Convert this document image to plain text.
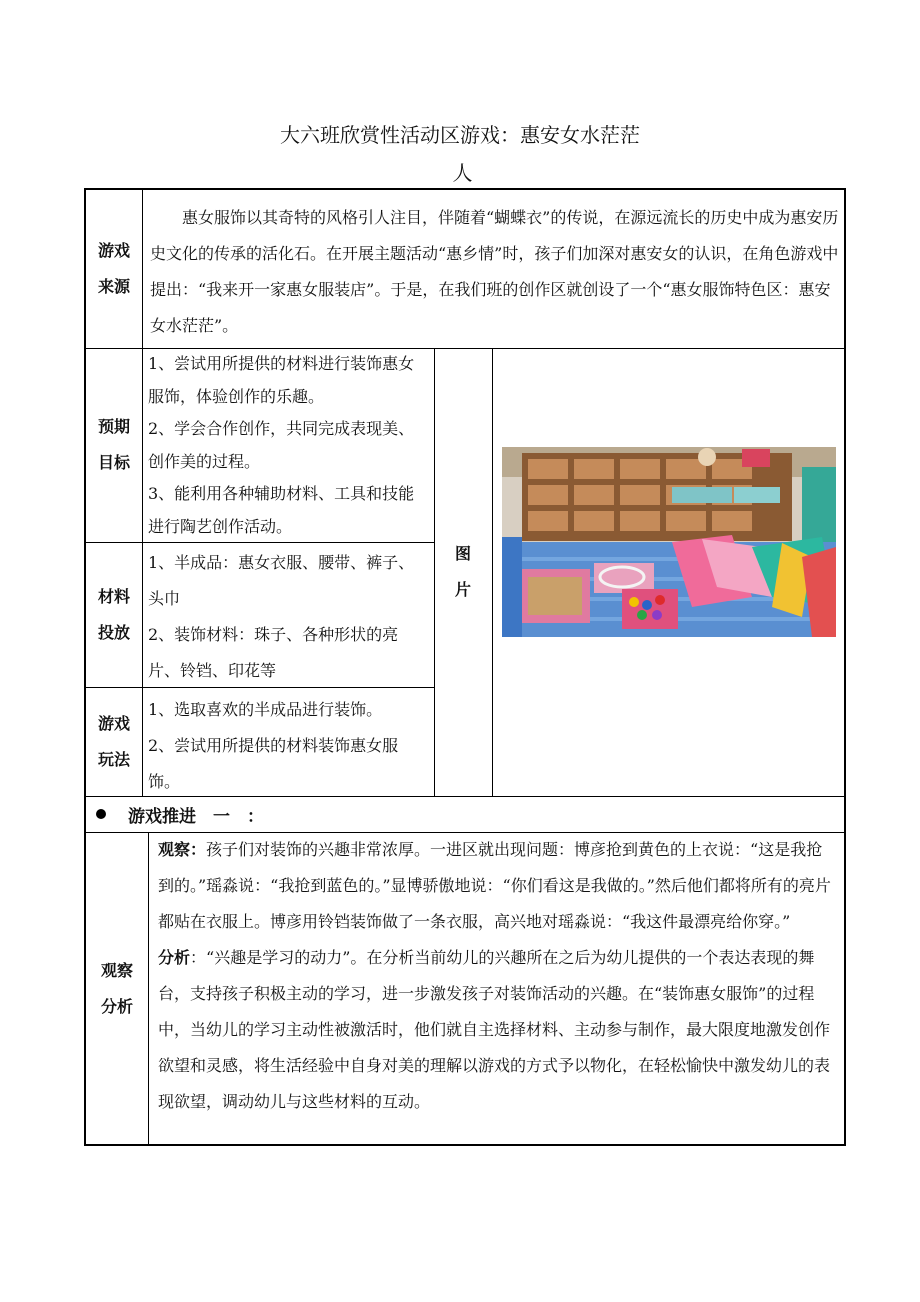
大六班欣赏性活动区游戏：惠安女水茫茫
人
游戏
来源

惠女服饰以其奇特的风格引人注目，伴随着“蝴蝶衣”的传说，在源远流长的历史中成为惠安历史文化的传承的活化石。在开展主题活动“惠乡情”时，孩子们加深对惠安女的认识，在角色游戏中提出：“我来开一家惠女服装店”。于是，在我们班的创作区就创设了一个“惠女服饰特色区：惠安女水茫茫”。

预期
目标

1、尝试用所提供的材料进行装饰惠女服饰，体验创作的乐趣。

2、学会合作创作，共同完成表现美、创作美的过程。

3、能利用各种辅助材料、工具和技能进行陶艺创作活动。

材料
投放

1、半成品：惠女衣服、腰带、裤子、头巾

2、装饰材料：珠子、各种形状的亮片、铃铛、印花等

游戏
玩法

1、选取喜欢的半成品进行装饰。

2、尝试用所提供的材料装饰惠女服饰。

图
片
游戏推进　一　：
观察
分析

观察：孩子们对装饰的兴趣非常浓厚。一进区就出现问题：博彦抢到黄色的上衣说：“这是我抢到的。”瑶淼说：“我抢到蓝色的。”显博骄傲地说：“你们看这是我做的。”然后他们都将所有的亮片都贴在衣服上。博彦用铃铛装饰做了一条衣服，高兴地对瑶淼说：“我这件最漂亮给你穿。”

分析：“兴趣是学习的动力”。在分析当前幼儿的兴趣所在之后为幼儿提供的一个表达表现的舞台，支持孩子积极主动的学习，进一步激发孩子对装饰活动的兴趣。在“装饰惠女服饰”的过程中，当幼儿的学习主动性被激活时，他们就自主选择材料、主动参与制作，最大限度地激发创作欲望和灵感，将生活经验中自身对美的理解以游戏的方式予以物化，在轻松愉快中激发幼儿的表现欲望，调动幼儿与这些材料的互动。
